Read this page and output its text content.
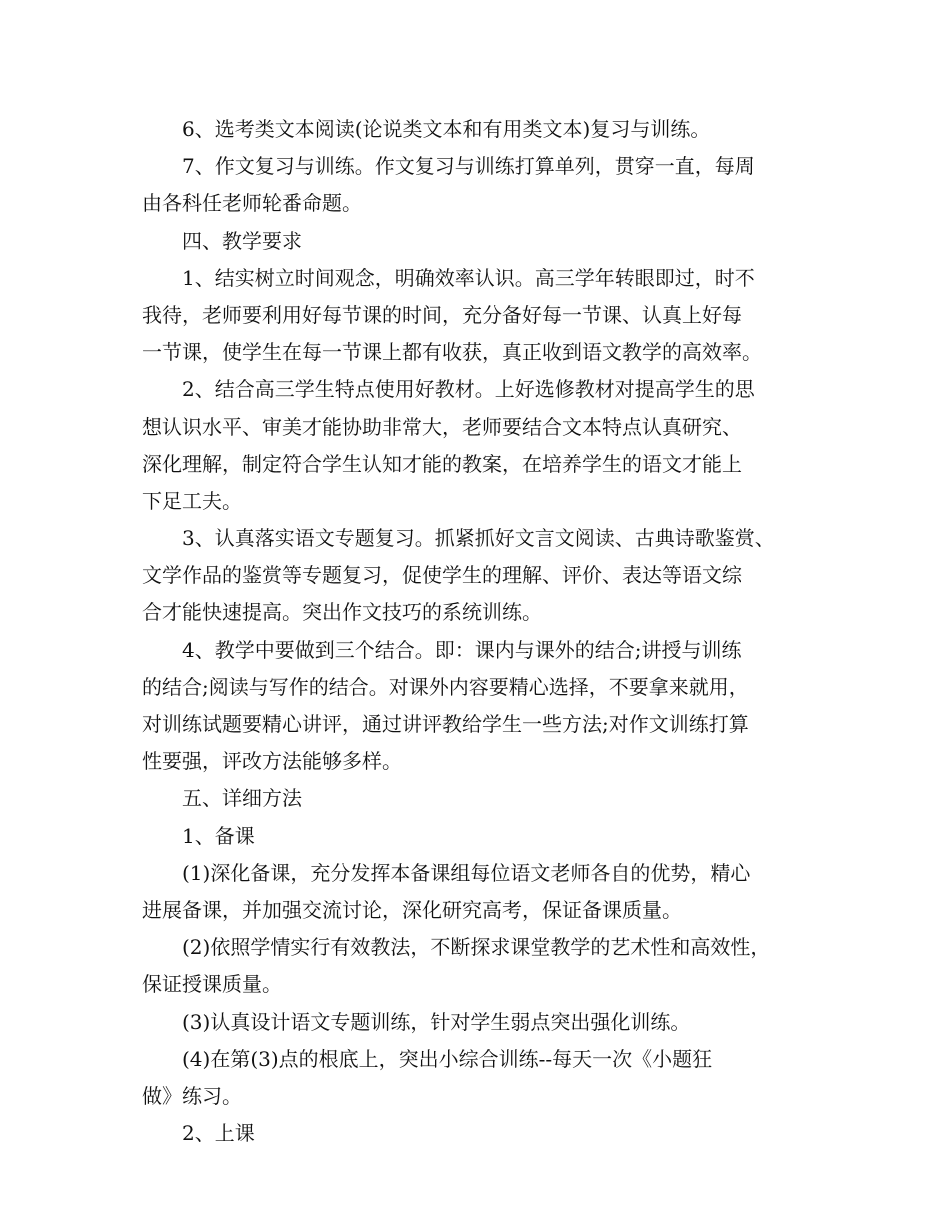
6、选考类文本阅读(论说类文本和有用类文本)复习与训练。

7、作文复习与训练。作文复习与训练打算单列，贯穿一直，每周

由各科任老师轮番命题。

四、教学要求

1、结实树立时间观念，明确效率认识。高三学年转眼即过，时不

我待，老师要利用好每节课的时间，充分备好每一节课、认真上好每

一节课，使学生在每一节课上都有收获，真正收到语文教学的高效率。

2、结合高三学生特点使用好教材。上好选修教材对提高学生的思

想认识水平、审美才能协助非常大，老师要结合文本特点认真研究、

深化理解，制定符合学生认知才能的教案，在培养学生的语文才能上

下足工夫。

3、认真落实语文专题复习。抓紧抓好文言文阅读、古典诗歌鉴赏、

文学作品的鉴赏等专题复习，促使学生的理解、评价、表达等语文综

合才能快速提高。突出作文技巧的系统训练。

4、教学中要做到三个结合。即：课内与课外的结合;讲授与训练

的结合;阅读与写作的结合。对课外内容要精心选择，不要拿来就用，

对训练试题要精心讲评，通过讲评教给学生一些方法;对作文训练打算

性要强，评改方法能够多样。

五、详细方法

1、备课

(1)深化备课，充分发挥本备课组每位语文老师各自的优势，精心

进展备课，并加强交流讨论，深化研究高考，保证备课质量。

(2)依照学情实行有效教法，不断探求课堂教学的艺术性和高效性，

保证授课质量。

(3)认真设计语文专题训练，针对学生弱点突出强化训练。

(4)在第(3)点的根底上，突出小综合训练--每天一次《小题狂

做》练习。

2、上课
